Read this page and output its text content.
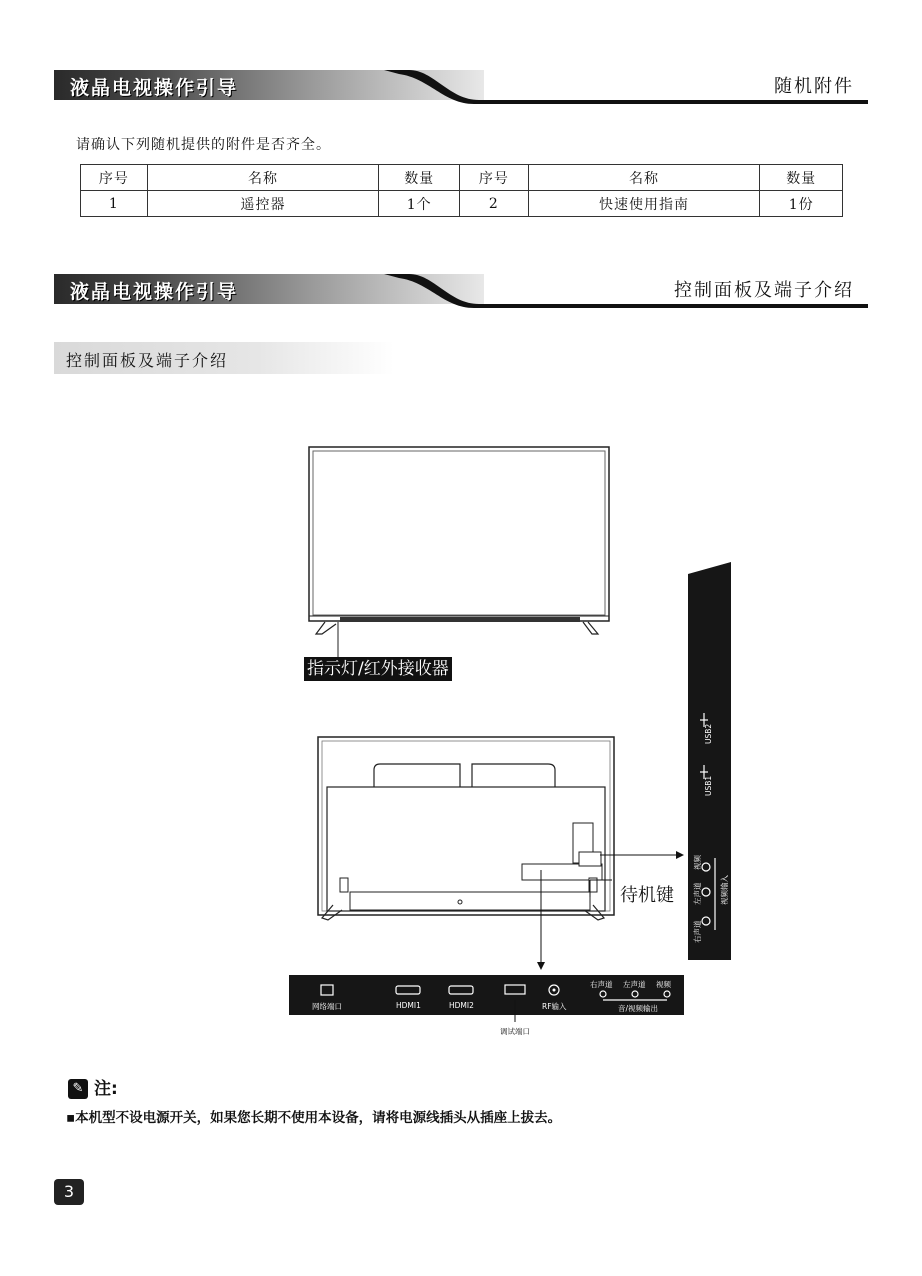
液晶电视操作引导	随机附件
请确认下列随机提供的附件是否齐全。
序号	名称	数量	序号	名称	数量
1	遥控器	1个	2	快速使用指南	1份
液晶电视操作引导	控制面板及端子介绍
控制面板及端子介绍
指示灯/红外接收器
待机键
USB2
USB1
视频
左声道
右声道
视频输入
网络端口	HDMI1	HDMI2	RF输入
右声道 左声道 视频
音/视频输出
调试端口
✎ 注:
▪本机型不设电源开关，如果您长期不使用本设备，请将电源线插头从插座上拔去。
3
